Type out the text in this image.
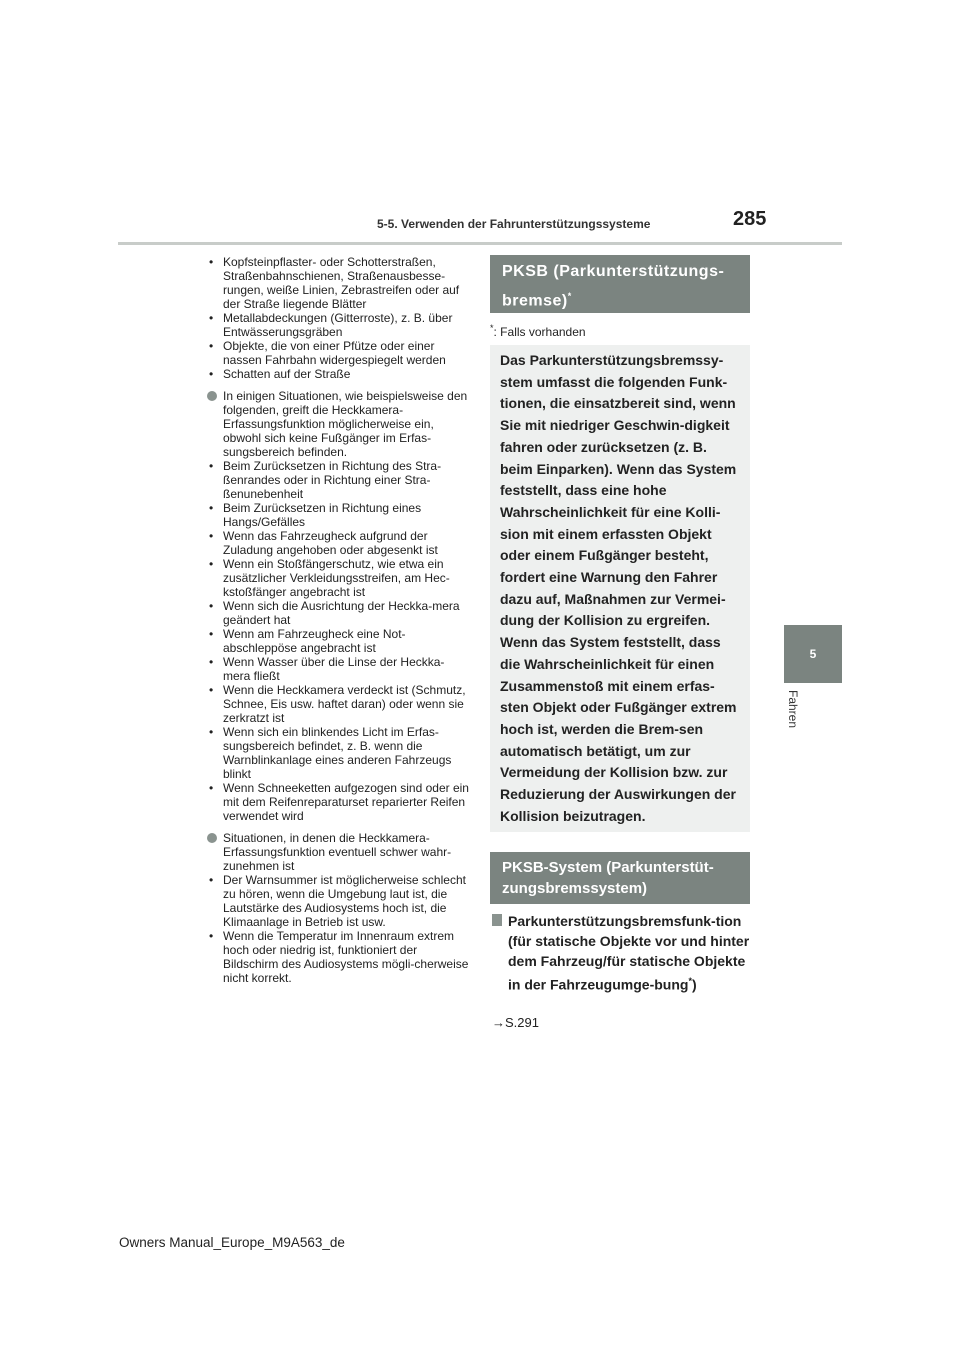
5-5. Verwenden der Fahrunterstützungssysteme	285
5
Fahren
• Kopfsteinpflaster- oder Schotterstraßen, Straßenbahnschienen, Straßenausbesse-rungen, weiße Linien, Zebrastreifen oder auf der Straße liegende Blätter
• Metallabdeckungen (Gitterroste), z. B. über Entwässerungsgräben
• Objekte, die von einer Pfütze oder einer nassen Fahrbahn widergespiegelt werden
• Schatten auf der Straße
In einigen Situationen, wie beispielsweise den folgenden, greift die Heckkamera-Erfassungsfunktion möglicherweise ein, obwohl sich keine Fußgänger im Erfas-sungsbereich befinden.
• Beim Zurücksetzen in Richtung des Stra-ßenrandes oder in Richtung einer Stra-ßenunebenheit
• Beim Zurücksetzen in Richtung eines Hangs/Gefälles
• Wenn das Fahrzeugheck aufgrund der Zuladung angehoben oder abgesenkt ist
• Wenn ein Stoßfängerschutz, wie etwa ein zusätzlicher Verkleidungsstreifen, am Hec-kstoßfänger angebracht ist
• Wenn sich die Ausrichtung der Heckka-mera geändert hat
• Wenn am Fahrzeugheck eine Not-abschleppöse angebracht ist
• Wenn Wasser über die Linse der Heckka-mera fließt
• Wenn die Heckkamera verdeckt ist (Schmutz, Schnee, Eis usw. haftet daran) oder wenn sie zerkratzt ist
• Wenn sich ein blinkendes Licht im Erfas-sungsbereich befindet, z. B. wenn die Warnblinkanlage eines anderen Fahrzeugs blinkt
• Wenn Schneeketten aufgezogen sind oder ein mit dem Reifenreparaturset reparierter Reifen verwendet wird
Situationen, in denen die Heckkamera-Erfassungsfunktion eventuell schwer wahr-zunehmen ist
• Der Warnsummer ist möglicherweise schlecht zu hören, wenn die Umgebung laut ist, die Lautstärke des Audiosystems hoch ist, die Klimaanlage in Betrieb ist usw.
• Wenn die Temperatur im Innenraum extrem hoch oder niedrig ist, funktioniert der Bildschirm des Audiosystems mögli-cherweise nicht korrekt.
PKSB (Parkunterstützungs-bremse)*
*: Falls vorhanden
Das Parkunterstützungsbremssy-stem umfasst die folgenden Funk-tionen, die einsatzbereit sind, wenn Sie mit niedriger Geschwin-digkeit fahren oder zurücksetzen (z. B. beim Einparken). Wenn das System feststellt, dass eine hohe Wahrscheinlichkeit für eine Kolli-sion mit einem erfassten Objekt oder einem Fußgänger besteht, fordert eine Warnung den Fahrer dazu auf, Maßnahmen zur Vermei-dung der Kollision zu ergreifen. Wenn das System feststellt, dass die Wahrscheinlichkeit für einen Zusammenstoß mit einem erfas-sten Objekt oder Fußgänger extrem hoch ist, werden die Brem-sen automatisch betätigt, um zur Vermeidung der Kollision bzw. zur Reduzierung der Auswirkungen der Kollision beizutragen.
PKSB-System (Parkunterstüt-zungsbremssystem)
Parkunterstützungsbremsfunk-tion (für statische Objekte vor und hinter dem Fahrzeug/für statische Objekte in der Fahrzeugumge-bung*)
→S.291
Owners Manual_Europe_M9A563_de
